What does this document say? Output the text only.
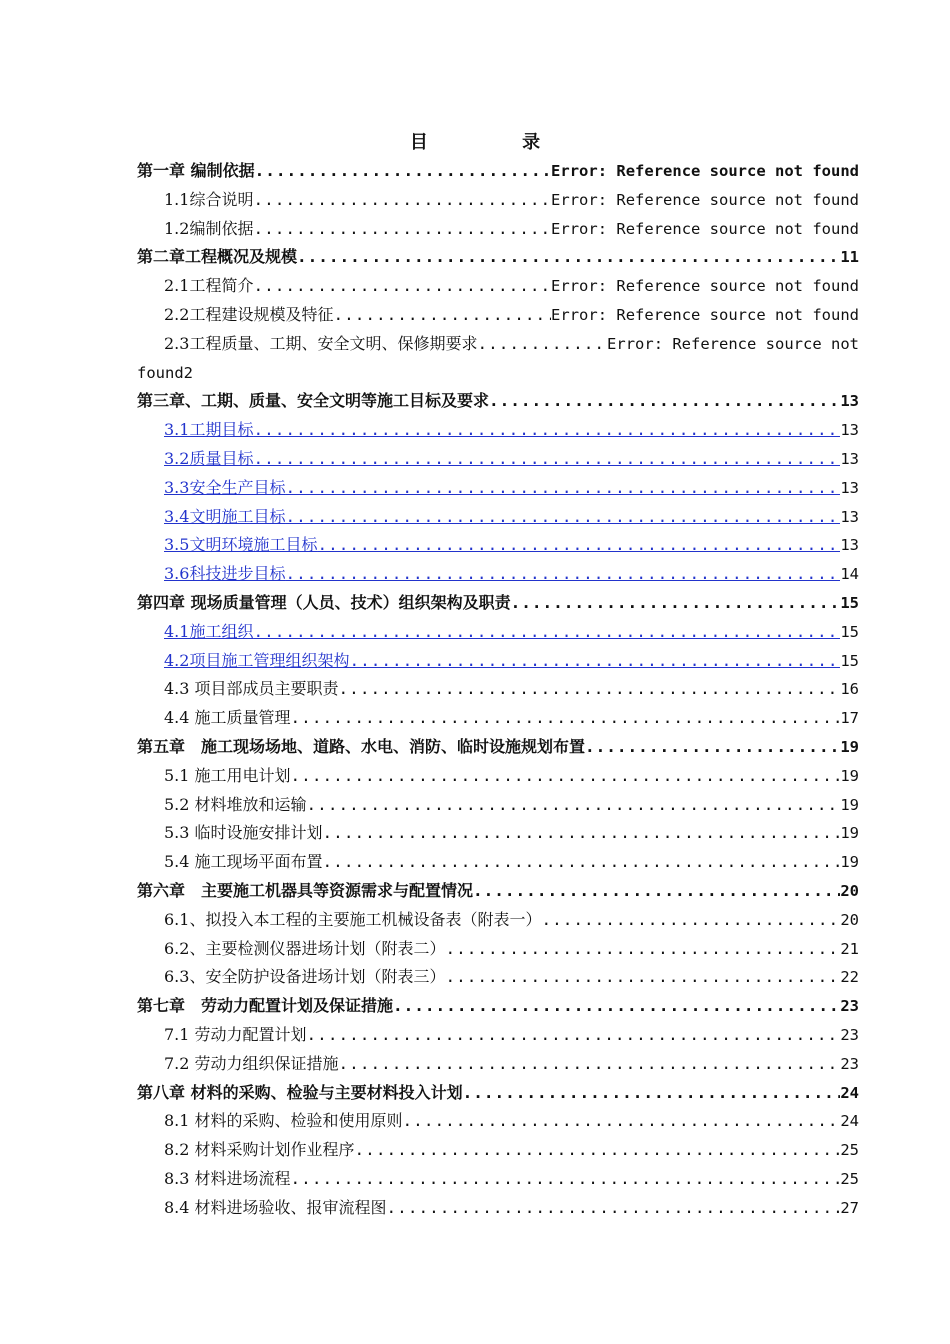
目 录
第一章 编制依据 .....	Error: Reference source not found
1.1综合说明 .....	Error: Reference source not found
1.2编制依据 .....	Error: Reference source not found
第二章工程概况及规模 .....	11
2.1工程简介 .....	Error: Reference source not found
2.2工程建设规模及特征 .....	Error: Reference source not found
2.3工程质量、工期、安全文明、保修期要求 .....	Error: Reference source not
found2
第三章、工期、质量、安全文明等施工目标及要求 .....	13
3.1工期目标 .....	13
3.2质量目标 .....	13
3.3安全生产目标 .....	13
3.4文明施工目标 .....	13
3.5文明环境施工目标 .....	13
3.6科技进步目标 .....	14
第四章 现场质量管理（人员、技术）组织架构及职责 .....	15
4.1施工组织 .....	15
4.2项目施工管理组织架构 .....	15
4.3 项目部成员主要职责 .....	16
4.4 施工质量管理 .....	17
第五章　施工现场场地、道路、水电、消防、临时设施规划布置 .....	19
5.1 施工用电计划 .....	19
5.2 材料堆放和运输 .....	19
5.3 临时设施安排计划 .....	19
5.4 施工现场平面布置 .....	19
第六章　主要施工机器具等资源需求与配置情况 .....	20
6.1、拟投入本工程的主要施工机械设备表（附表一） .....	20
6.2、主要检测仪器进场计划（附表二） .....	21
6.3、安全防护设备进场计划（附表三） .....	22
第七章　劳动力配置计划及保证措施 .....	23
7.1 劳动力配置计划 .....	23
7.2 劳动力组织保证措施 .....	23
第八章 材料的采购、检验与主要材料投入计划 .....	24
8.1 材料的采购、检验和使用原则 .....	24
8.2 材料采购计划作业程序 .....	25
8.3 材料进场流程 .....	25
8.4 材料进场验收、报审流程图 .....	27
